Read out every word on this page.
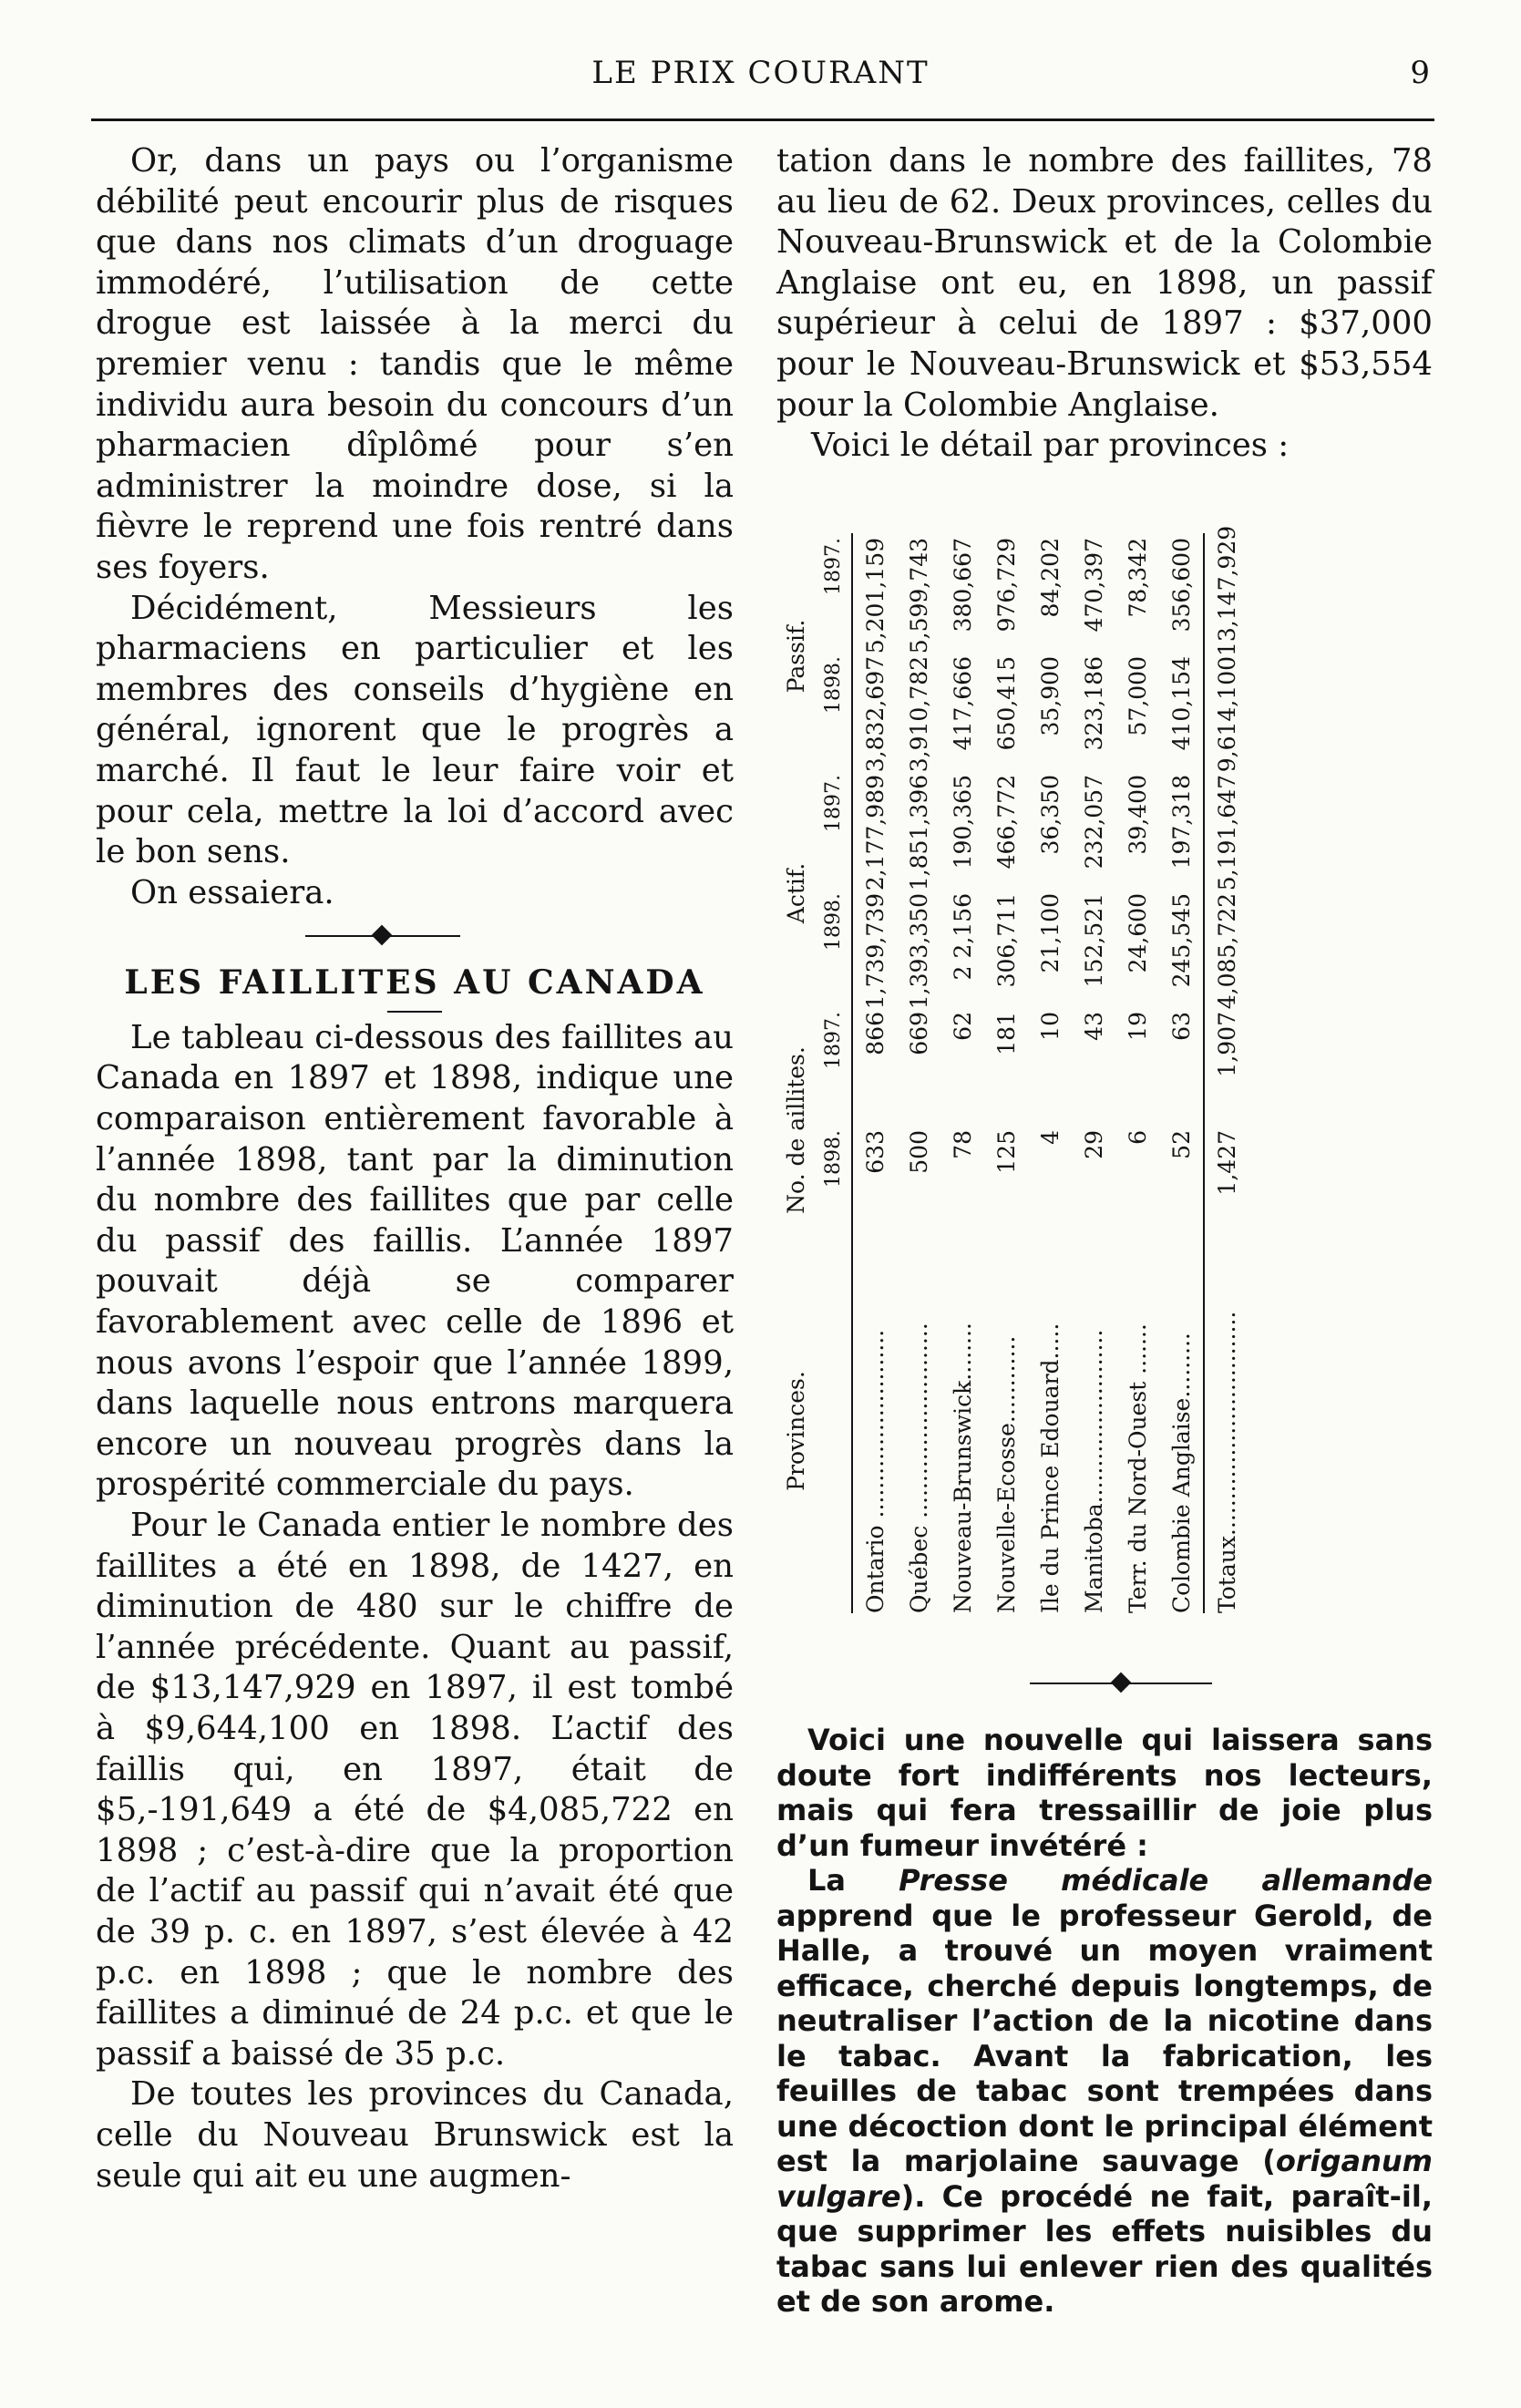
LE PRIX COURANT	9

Or, dans un pays ou l’organisme débilité peut encourir plus de risques que dans nos climats d’un droguage immodéré, l’utilisation de cette drogue est laissée à la merci du premier venu : tandis que le même individu aura besoin du concours d’un pharmacien dîplômé pour s’en administrer la moindre dose, si la fièvre le reprend une fois rentré dans ses foyers.

Décidément, Messieurs les pharmaciens en particulier et les membres des conseils d’hygiène en général, ignorent que le progrès a marché. Il faut le leur faire voir et pour cela, mettre la loi d’accord avec le bon sens.

On essaiera.

LES FAILLITES AU CANADA

Le tableau ci-dessous des faillites au Canada en 1897 et 1898, indique une comparaison entièrement favorable à l’année 1898, tant par la diminution du nombre des faillites que par celle du passif des faillis. L’année 1897 pouvait déjà se comparer favorablement avec celle de 1896 et nous avons l’espoir que l’année 1899, dans laquelle nous entrons marquera encore un nouveau progrès dans la prospérité commerciale du pays.

Pour le Canada entier le nombre des faillites a été en 1898, de 1427, en diminution de 480 sur le chiffre de l’année précédente. Quant au passif, de $13,147,929 en 1897, il est tombé à $9,644,100 en 1898. L’actif des faillis qui, en 1897, était de $5,-191,649 a été de $4,085,722 en 1898 ; c’est-à-dire que la proportion de l’actif au passif qui n’avait été que de 39 p. c. en 1897, s’est élevée à 42 p.c. en 1898 ; que le nombre des faillites a diminué de 24 p.c. et que le passif a baissé de 35 p.c.

De toutes les provinces du Canada, celle du Nouveau Brunswick est la seule qui ait eu une augmen-

tation dans le nombre des faillites, 78 au lieu de 62. Deux provinces, celles du Nouveau-Brunswick et de la Colombie Anglaise ont eu, en 1898, un passif supérieur à celui de 1897 : $37,000 pour le Nouveau-Brunswick et $53,554 pour la Colombie Anglaise.

Voici le détail par provinces :

Provinces.
No. de aillites.
Actif.
Passif.
1898.
1897.
1898.
1897.
1898.
1897.
Ontario ..........................
633
866
1,739,739
2,177,989
3,832,697
5,201,159
Québec ...........................
500
669
1,393,350
1,851,396
3,910,782
5,599,743
Nouveau-Brunswick........
78
62
2 2,156
190,365
417,666
380,667
Nouvelle-Ecosse............
125
181
306,711
466,772
650,415
976,729
Ile du Prince Edouard.....
4
10
21,100
36,350
35,900
84,202
Manitoba........................
29
43
152,521
232,057
323,186
470,397
Terr. du Nord-Ouest .......
6
19
24,600
39,400
57,000
78,342
Colombie Anglaise.........
52
63
245,545
197,318
410,154
356,600
Totaux...............................
1,427
1,907
4,085,722
5,191,647
9,614,100
13,147,929

Voici une nouvelle qui laissera sans doute fort indifférents nos lecteurs, mais qui fera tressaillir de joie plus d’un fumeur invétéré :

La Presse médicale allemande apprend que le professeur Gerold, de Halle, a trouvé un moyen vraiment efficace, cherché depuis longtemps, de neutraliser l’action de la nicotine dans le tabac. Avant la fabrication, les feuilles de tabac sont trempées dans une décoction dont le principal élément est la marjolaine sauvage (origanum vulgare). Ce procédé ne fait, paraît-il, que supprimer les effets nuisibles du tabac sans lui enlever rien des qualités et de son arome.
